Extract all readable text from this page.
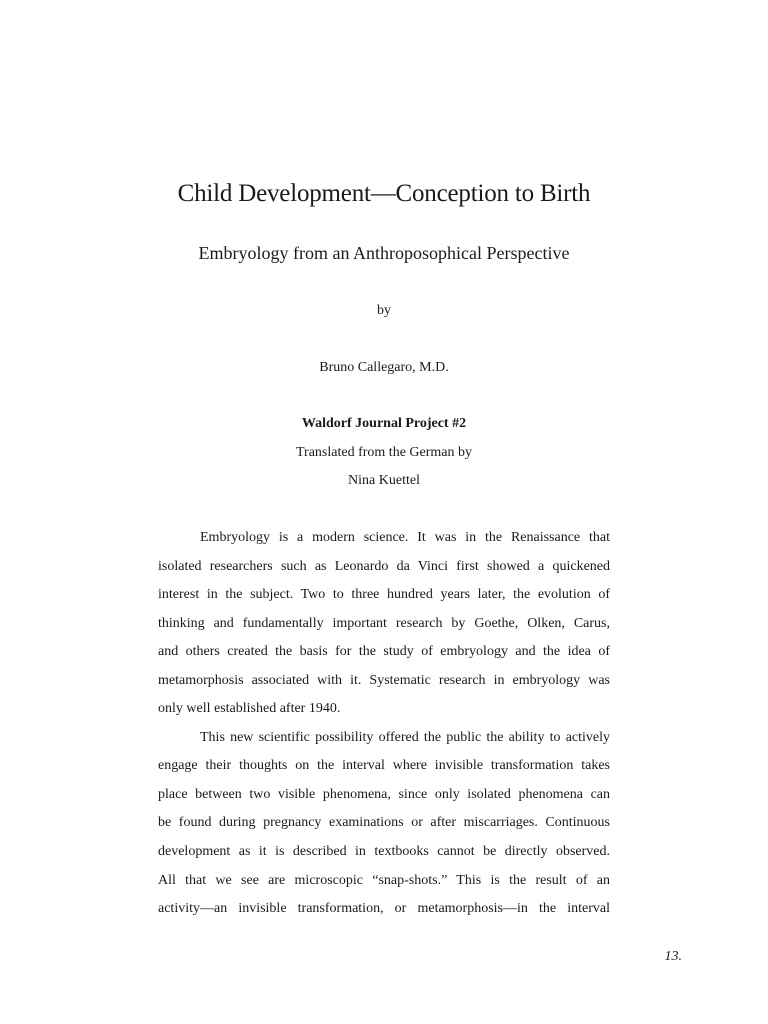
Child Development—Conception to Birth
Embryology from an Anthroposophical Perspective
by
Bruno Callegaro, M.D.
Waldorf Journal Project #2
Translated from the German by
Nina Kuettel
Embryology is a modern science. It was in the Renaissance that
isolated researchers such as Leonardo da Vinci first showed a quickened
interest in the subject. Two to three hundred years later, the evolution of
thinking and fundamentally important research by Goethe, Olken, Carus,
and others created the basis for the study of embryology and the idea of
metamorphosis associated with it. Systematic research in embryology was
only well established after 1940.
This new scientific possibility offered the public the ability to actively
engage their thoughts on the interval where invisible transformation takes
place between two visible phenomena, since only isolated phenomena can
be found during pregnancy examinations or after miscarriages. Continuous
development as it is described in textbooks cannot be directly observed.
All that we see are microscopic “snap-shots.” This is the result of an
activity—an invisible transformation, or metamorphosis—in the interval
13.
